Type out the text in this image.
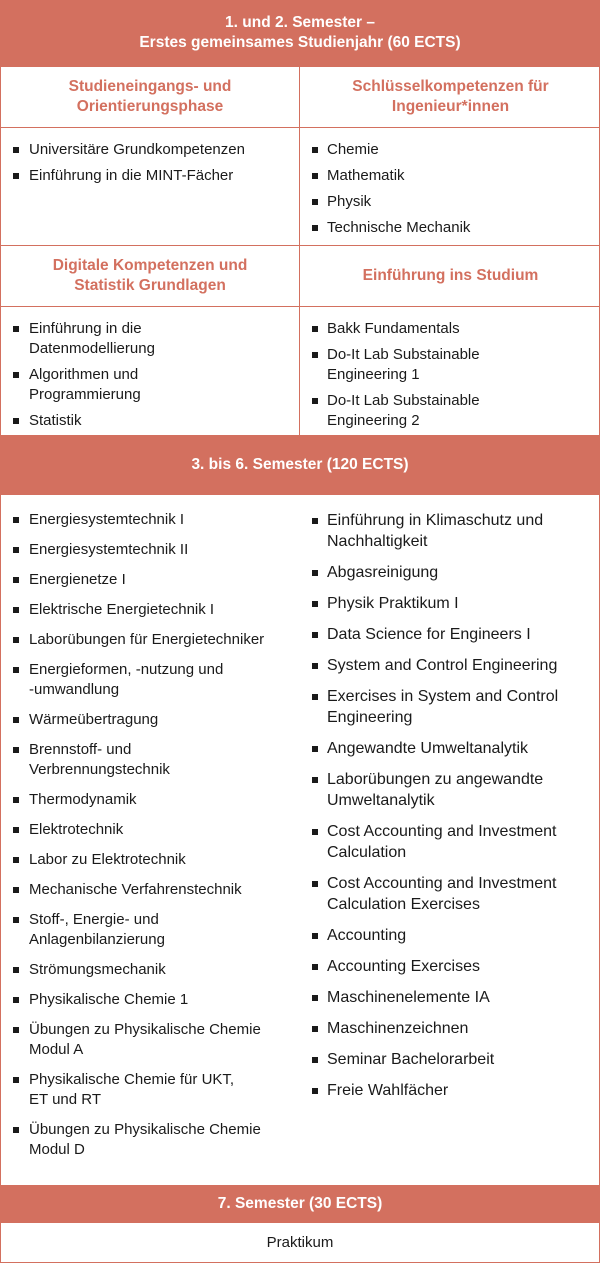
1. und 2. Semester –
Erstes gemeinsames Studienjahr (60 ECTS)
Studieneingangs- und
Orientierungsphase
Universitäre Grundkompetenzen
Einführung in die MINT-Fächer
Schlüsselkompetenzen für
Ingenieur*innen
Chemie
Mathematik
Physik
Technische Mechanik
Digitale Kompetenzen und
Statistik Grundlagen
Einführung in die
Datenmodellierung
Algorithmen und
Programmierung
Statistik
Einführung ins Studium
Bakk Fundamentals
Do-It Lab Substainable
Engineering 1
Do-It Lab Substainable
Engineering 2
3. bis 6. Semester (120 ECTS)
Energiesystemtechnik I
Energiesystemtechnik II
Energienetze I
Elektrische Energietechnik I
Laborübungen für Energietechniker
Energieformen, -nutzung und
-umwandlung
Wärmeübertragung
Brennstoff- und
Verbrennungstechnik
Thermodynamik
Elektrotechnik
Labor zu Elektrotechnik
Mechanische Verfahrenstechnik
Stoff-, Energie- und
Anlagenbilanzierung
Strömungsmechanik
Physikalische Chemie 1
Übungen zu Physikalische Chemie
Modul A
Physikalische Chemie für UKT,
ET und RT
Übungen zu Physikalische Chemie
Modul D
Einführung in Klimaschutz und
Nachhaltigkeit
Abgasreinigung
Physik Praktikum I
Data Science for Engineers I
System and Control Engineering
Exercises in System and Control
Engineering
Angewandte Umweltanalytik
Laborübungen zu angewandte
Umweltanalytik
Cost Accounting and Investment
Calculation
Cost Accounting and Investment
Calculation Exercises
Accounting
Accounting Exercises
Maschinenelemente IA
Maschinenzeichnen
Seminar Bachelorarbeit
Freie Wahlfächer
7. Semester (30 ECTS)
Praktikum
